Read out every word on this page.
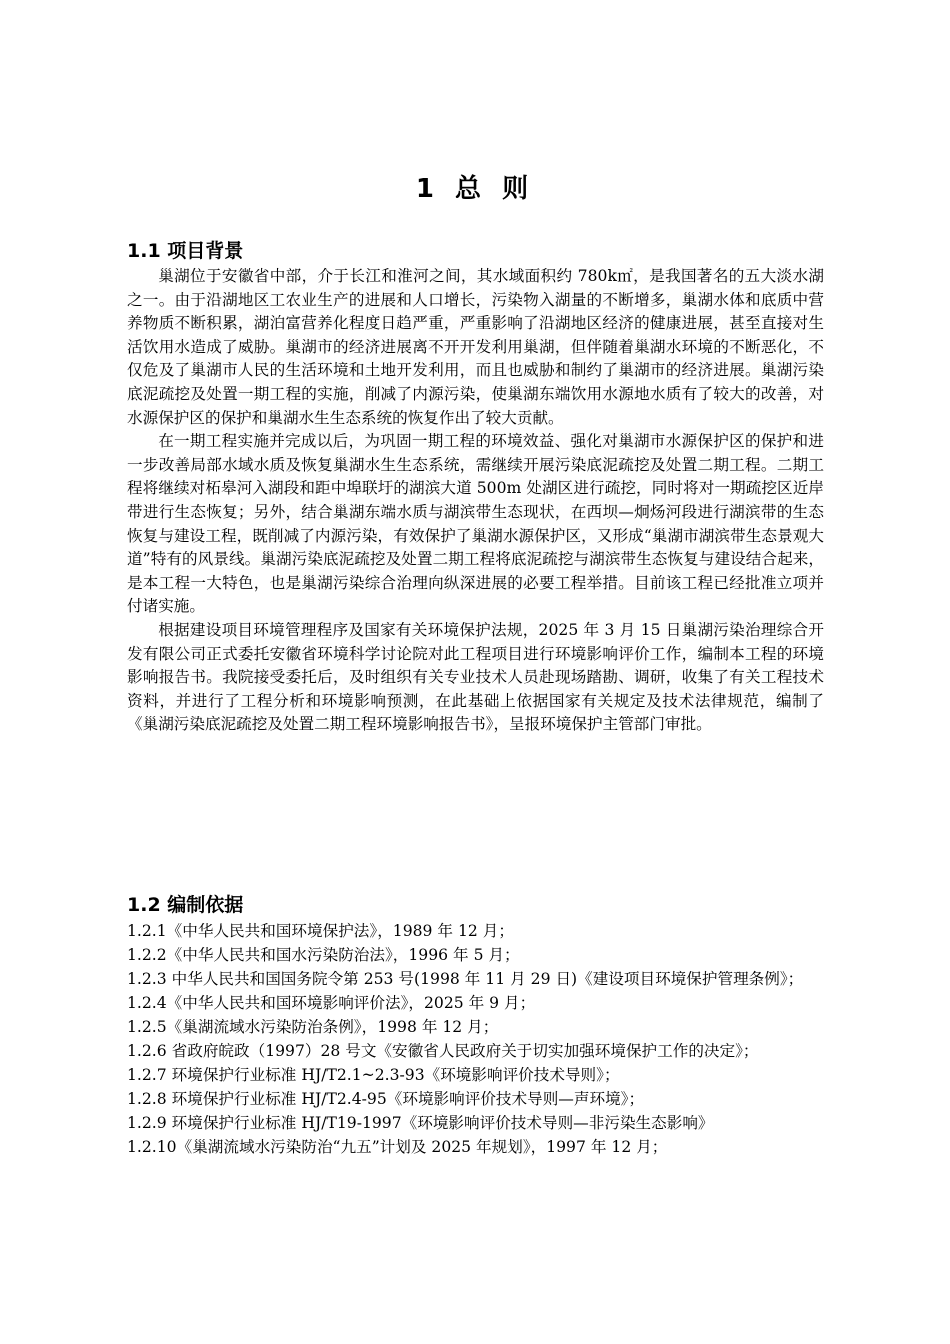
1 总 则
1.1 项目背景

巢湖位于安徽省中部，介于长江和淮河之间，其水域面积约 780k㎡，是我国著名的五大淡水湖之一。由于沿湖地区工农业生产的进展和人口增长，污染物入湖量的不断增多，巢湖水体和底质中营养物质不断积累，湖泊富营养化程度日趋严重，严重影响了沿湖地区经济的健康进展，甚至直接对生活饮用水造成了威胁。巢湖市的经济进展离不开开发利用巢湖，但伴随着巢湖水环境的不断恶化，不仅危及了巢湖市人民的生活环境和土地开发利用，而且也威胁和制约了巢湖市的经济进展。巢湖污染底泥疏挖及处置一期工程的实施，削减了内源污染，使巢湖东端饮用水源地水质有了较大的改善，对水源保护区的保护和巢湖水生生态系统的恢复作出了较大贡献。

在一期工程实施并完成以后，为巩固一期工程的环境效益、强化对巢湖市水源保护区的保护和进一步改善局部水域水质及恢复巢湖水生生态系统，需继续开展污染底泥疏挖及处置二期工程。二期工程将继续对柘皋河入湖段和距中埠联圩的湖滨大道 500m 处湖区进行疏挖，同时将对一期疏挖区近岸带进行生态恢复；另外，结合巢湖东端水质与湖滨带生态现状，在西坝—炯炀河段进行湖滨带的生态恢复与建设工程，既削减了内源污染，有效保护了巢湖水源保护区，又形成“巢湖市湖滨带生态景观大道”特有的风景线。巢湖污染底泥疏挖及处置二期工程将底泥疏挖与湖滨带生态恢复与建设结合起来，是本工程一大特色，也是巢湖污染综合治理向纵深进展的必要工程举措。目前该工程已经批准立项并付诸实施。

根据建设项目环境管理程序及国家有关环境保护法规，2025 年 3 月 15 日巢湖污染治理综合开发有限公司正式委托安徽省环境科学讨论院对此工程项目进行环境影响评价工作，编制本工程的环境影响报告书。我院接受委托后，及时组织有关专业技术人员赴现场踏勘、调研，收集了有关工程技术资料，并进行了工程分析和环境影响预测，在此基础上依据国家有关规定及技术法律规范，编制了《巢湖污染底泥疏挖及处置二期工程环境影响报告书》，呈报环境保护主管部门审批。

1.2 编制依据

1.2.1《中华人民共和国环境保护法》，1989 年 12 月；

1.2.2《中华人民共和国水污染防治法》，1996 年 5 月；

1.2.3 中华人民共和国国务院令第 253 号(1998 年 11 月 29 日)《建设项目环境保护管理条例》；

1.2.4《中华人民共和国环境影响评价法》，2025 年 9 月；

1.2.5《巢湖流域水污染防治条例》，1998 年 12 月；

1.2.6 省政府皖政（1997）28 号文《安徽省人民政府关于切实加强环境保护工作的决定》；

1.2.7 环境保护行业标准 HJ/T2.1~2.3-93《环境影响评价技术导则》；

1.2.8 环境保护行业标准 HJ/T2.4-95《环境影响评价技术导则—声环境》；

1.2.9 环境保护行业标准 HJ/T19-1997《环境影响评价技术导则—非污染生态影响》

1.2.10《巢湖流域水污染防治“九五”计划及 2025 年规划》，1997 年 12 月；
